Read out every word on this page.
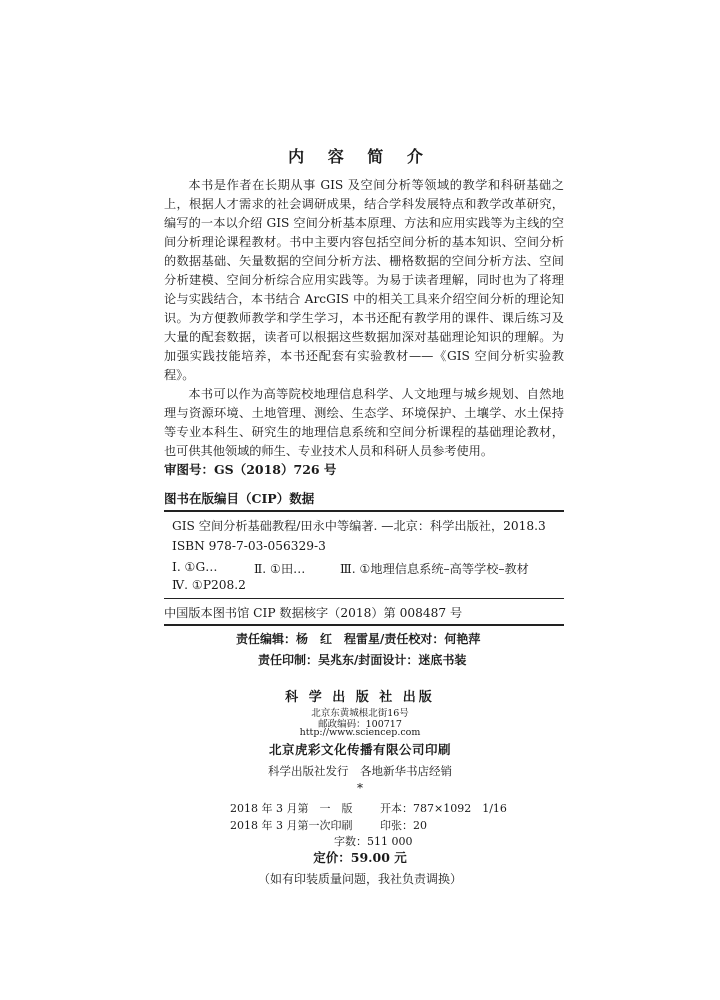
内 容 简 介

本书是作者在长期从事 GIS 及空间分析等领域的教学和科研基础之上，根据人才需求的社会调研成果，结合学科发展特点和教学改革研究，编写的一本以介绍 GIS 空间分析基本原理、方法和应用实践等为主线的空间分析理论课程教材。书中主要内容包括空间分析的基本知识、空间分析的数据基础、矢量数据的空间分析方法、栅格数据的空间分析方法、空间分析建模、空间分析综合应用实践等。为易于读者理解，同时也为了将理论与实践结合，本书结合 ArcGIS 中的相关工具来介绍空间分析的理论知识。为方便教师教学和学生学习，本书还配有教学用的课件、课后练习及大量的配套数据，读者可以根据这些数据加深对基础理论知识的理解。为加强实践技能培养，本书还配套有实验教材——《GIS 空间分析实验教程》。

本书可以作为高等院校地理信息科学、人文地理与城乡规划、自然地理与资源环境、土地管理、测绘、生态学、环境保护、土壤学、水土保持等专业本科生、研究生的地理信息系统和空间分析课程的基础理论教材，也可供其他领域的师生、专业技术人员和科研人员参考使用。

审图号：GS（2018）726 号
图书在版编目（CIP）数据
GIS 空间分析基础教程/田永中等编著. —北京：科学出版社，2018.3
ISBN 978-7-03-056329-3
Ⅰ. ①G…	Ⅱ. ①田…	Ⅲ. ①地理信息系统–高等学校–教材
Ⅳ. ①P208.2
中国版本图书馆 CIP 数据核字（2018）第 008487 号
责任编辑：杨　红　程雷星/责任校对：何艳萍
责任印制：吴兆东/封面设计：迷底书装
科 学 出 版 社 出版
北京东黄城根北街16号
邮政编码：100717
http://www.sciencep.com
北京虎彩文化传播有限公司印刷
科学出版社发行　各地新华书店经销
*
2018 年 3 月第　一　版	开本：787×1092　1/16
2018 年 3 月第一次印刷	印张：20
字数：511 000
定价：59.00 元
（如有印装质量问题，我社负责调换）
